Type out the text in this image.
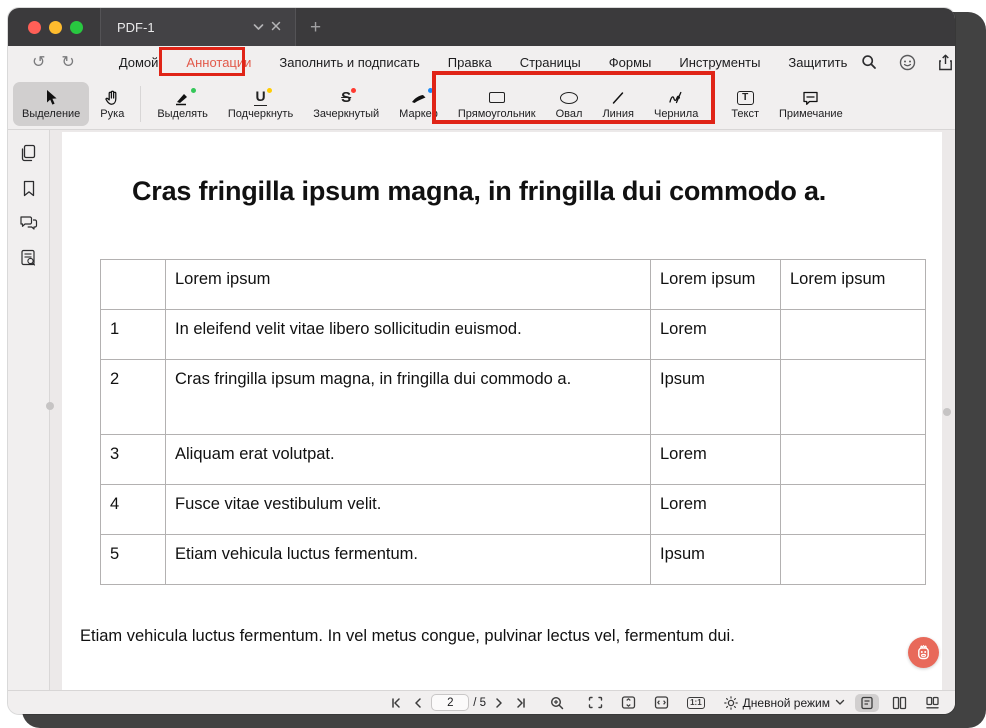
PDF-1	+
↺ ↻	Домой	Аннотации	Заполнить и подписать	Правка	Страницы	Формы	Инструменты	Защитить
Выделение Рука	Выделять
U
Подчеркнуть
S
Зачеркнутый Маркер Прямоугольник Овал Линия Чернила
T
Текст Примечание
Cras fringilla ipsum magna, in fringilla dui commodo a.
	Lorem ipsum	Lorem ipsum	Lorem ipsum
1	In eleifend velit vitae libero sollicitudin euismod.	Lorem	
2	Cras fringilla ipsum magna, in fringilla dui commodo a.	Ipsum	
3	Aliquam erat volutpat.	Lorem	
4	Fusce vitae vestibulum velit.	Lorem	
5	Etiam vehicula luctus fermentum.	Ipsum	
Etiam vehicula luctus fermentum. In vel metus congue, pulvinar lectus vel, fermentum dui.
2
/ 5	1:1	Дневной режим
